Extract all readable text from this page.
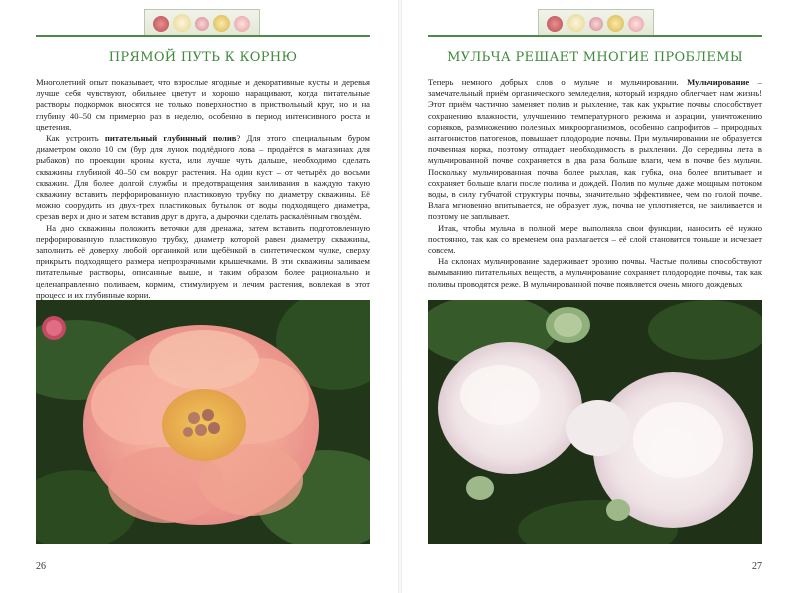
ПРЯМОЙ ПУТЬ К КОРНЮ

Многолетний опыт показывает, что взрослые ягодные и декоративные кусты и деревья лучше себя чувствуют, обильнее цветут и хорошо наращивают, когда питательные растворы подкормок вносятся не только поверхностно в приствольный круг, но и на глубину 40–50 см примерно раз в неделю, особенно в период интенсивного роста и цветения.

Как устроить питательный глубинный полив? Для этого специальным буром диаметром около 10 см (бур для лунок подлёдного лова – продаётся в магазинах для рыбаков) по проекции кроны куста, или лучше чуть дальше, необходимо сделать скважины глубиной 40–50 см вокруг растения. На один куст – от четырёх до восьми скважин. Для более долгой службы и предотвращения заиливания в каждую такую скважину вставить перфорированную пластиковую трубку по диаметру скважины. Её можно соорудить из двух-трех пластиковых бутылок от воды подходящего диаметра, срезав верх и дно и затем вставив друг в друга, а дырочки сделать раскалённым гвоздём.

На дно скважины положить веточки для дренажа, затем вставить подготовленную перфорированную пластиковую трубку, диаметр которой равен диаметру скважины, заполнить её доверху любой органикой или щебёнкой в синтетическом чулке, сверху прикрыть подходящего размера непрозрачными крышечками. В эти скважины заливаем питательные растворы, описанные выше, и таким образом более рационально и целенаправленно поливаем, кормим, стимулируем и лечим растения, вовлекая в этот процесс и их глубинные корни.

26
МУЛЬЧА РЕШАЕТ МНОГИЕ ПРОБЛЕМЫ

Теперь немного добрых слов о мульче и мульчировании. Мульчирование – замечательный приём органического земледелия, который изрядно облегчает нам жизнь! Этот приём частично заменяет полив и рыхление, так как укрытие почвы способствует сохранению влажности, улучшению температурного режима и аэрации, уничтожению сорняков, размножению полезных микроорганизмов, особенно сапрофитов – природных антагонистов патогенов, повышает плодородие почвы. При мульчировании не образуется почвенная корка, поэтому отпадает необходимость в рыхлении. До середины лета в мульчированной почве сохраняется в два раза больше влаги, чем в почве без мульчи. Поскольку мульчированная почва более рыхлая, как губка, она более впитывает и сохраняет больше влаги после полива и дождей. Полив по мульче даже мощным потоком воды, в силу губчатой структуры почвы, значительно эффективнее, чем по голой почве. Влага мгновенно впитывается, не образует луж, почва не уплотняется, не заиливается и поэтому не заплывает.

Итак, чтобы мульча в полной мере выполняла свои функции, наносить её нужно постоянно, так как со временем она разлагается – её слой становится тоньше и исчезает совсем.

На склонах мульчирование задерживает эрозию почвы. Частые поливы способствуют вымыванию питательных веществ, а мульчирование сохраняет плодородие почвы, так как поливы проводятся реже. В мульчированной почве появляется очень много дождевых

27
